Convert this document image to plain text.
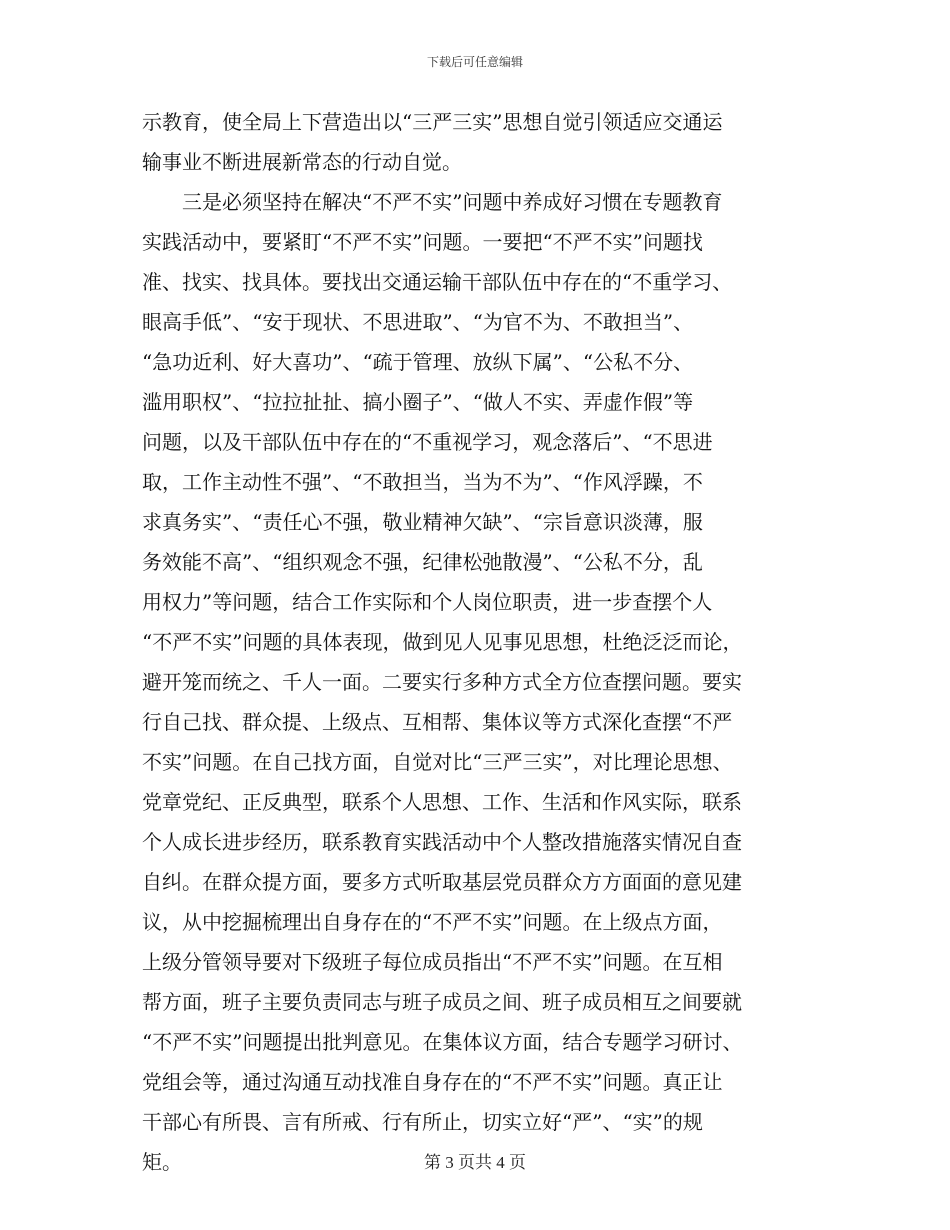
下载后可任意编辑
示教育，使全局上下营造出以“三严三实”思想自觉引领适应交通运
输事业不断进展新常态的行动自觉。
　　三是必须坚持在解决“不严不实”问题中养成好习惯在专题教育
实践活动中，要紧盯“不严不实”问题。一要把“不严不实”问题找
准、找实、找具体。要找出交通运输干部队伍中存在的“不重学习、
眼高手低”、“安于现状、不思进取”、“为官不为、不敢担当”、
“急功近利、好大喜功”、“疏于管理、放纵下属”、“公私不分、
滥用职权”、“拉拉扯扯、搞小圈子”、“做人不实、弄虚作假”等
问题，以及干部队伍中存在的“不重视学习，观念落后”、“不思进
取，工作主动性不强”、“不敢担当，当为不为”、“作风浮躁，不
求真务实”、“责任心不强，敬业精神欠缺”、“宗旨意识淡薄，服
务效能不高”、“组织观念不强，纪律松弛散漫”、“公私不分，乱
用权力”等问题，结合工作实际和个人岗位职责，进一步查摆个人
“不严不实”问题的具体表现，做到见人见事见思想，杜绝泛泛而论，
避开笼而统之、千人一面。二要实行多种方式全方位查摆问题。要实
行自己找、群众提、上级点、互相帮、集体议等方式深化查摆“不严
不实”问题。在自己找方面，自觉对比“三严三实”，对比理论思想、
党章党纪、正反典型，联系个人思想、工作、生活和作风实际，联系
个人成长进步经历，联系教育实践活动中个人整改措施落实情况自查
自纠。在群众提方面，要多方式听取基层党员群众方方面面的意见建
议，从中挖掘梳理出自身存在的“不严不实”问题。在上级点方面，
上级分管领导要对下级班子每位成员指出“不严不实”问题。在互相
帮方面，班子主要负责同志与班子成员之间、班子成员相互之间要就
“不严不实”问题提出批判意见。在集体议方面，结合专题学习研讨、
党组会等，通过沟通互动找准自身存在的“不严不实”问题。真正让
干部心有所畏、言有所戒、行有所止，切实立好“严”、“实”的规
矩。	第 3 页共 4 页
